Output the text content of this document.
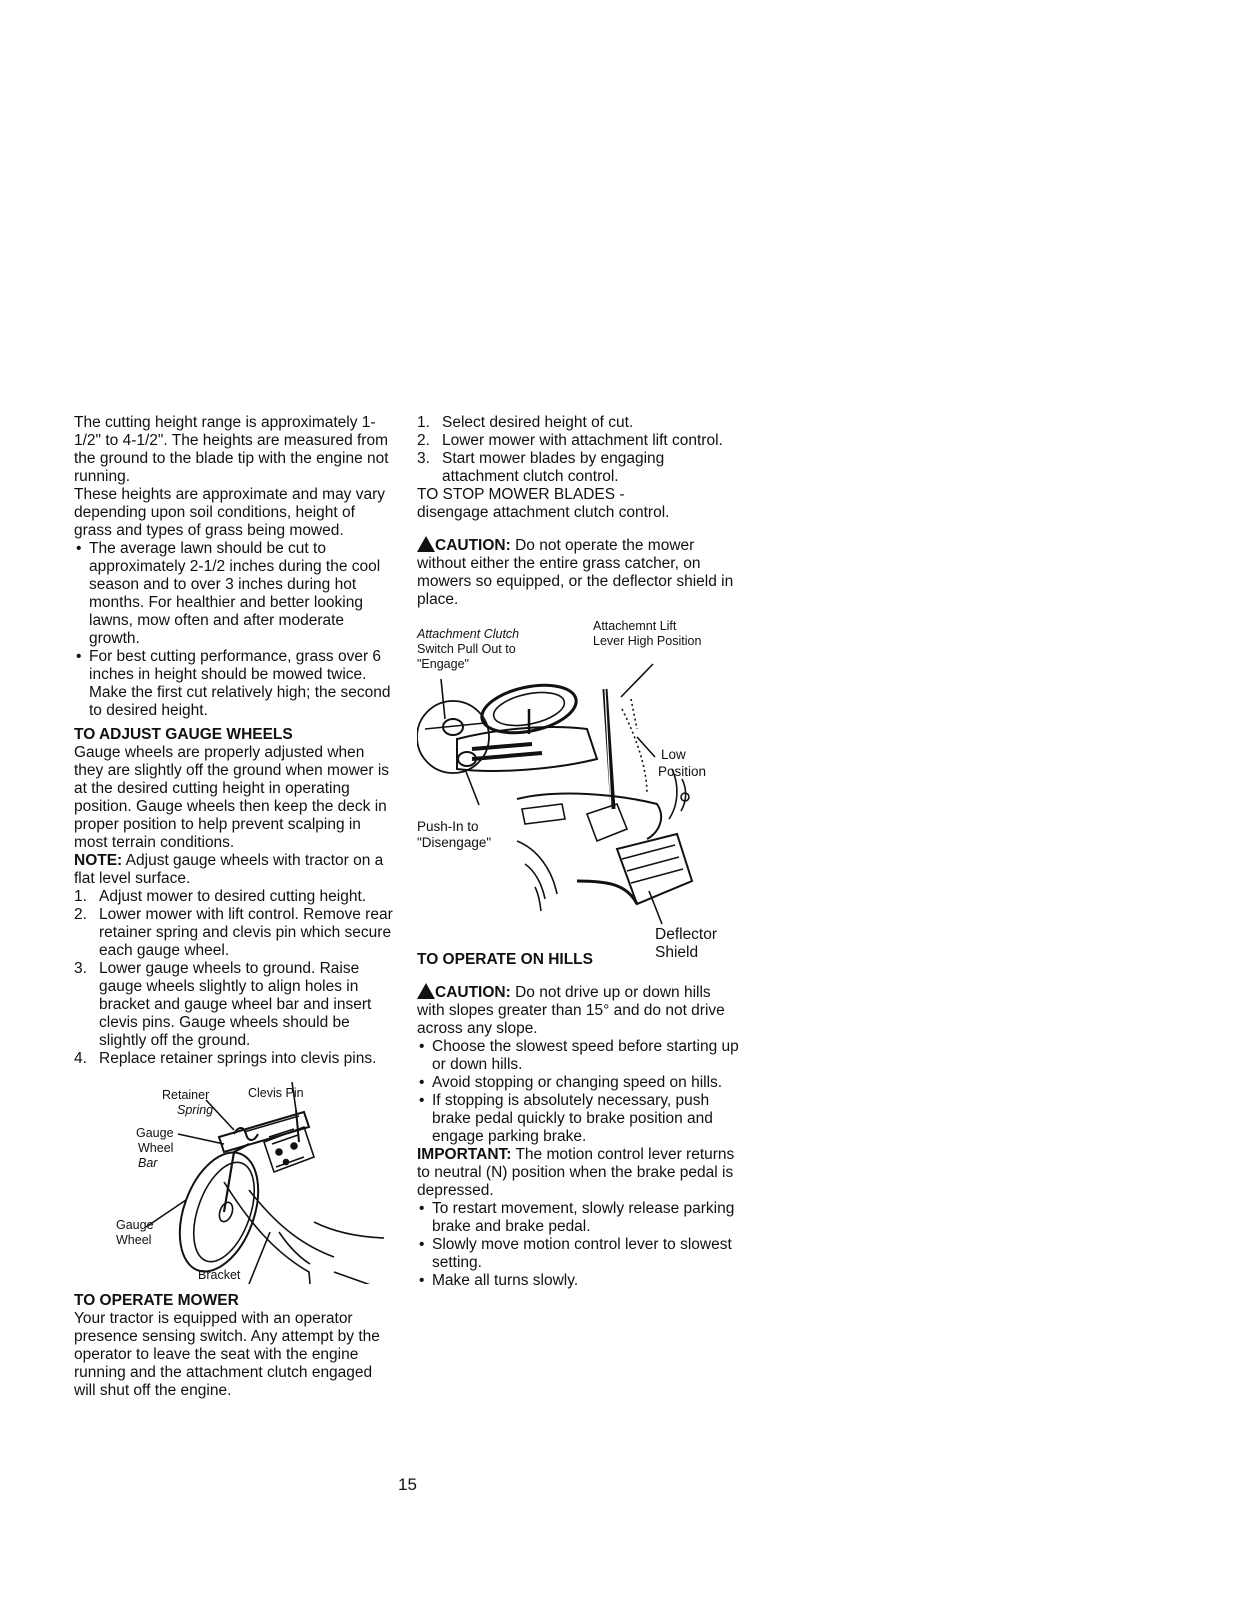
The cutting height range is approximately 1-1/2" to 4-1/2". The heights are measured from the ground to the blade tip with the engine not running.

These heights are approximate and may vary depending upon soil conditions, height of grass and types of grass being mowed.

• The average lawn should be cut to approximately 2-1/2 inches during the cool season and to over 3 inches during hot months. For healthier and better looking lawns, mow often and after moderate growth.
• For best cutting performance, grass over 6 inches in height should be mowed twice. Make the first cut relatively high; the second to desired height.

TO ADJUST GAUGE WHEELS

Gauge wheels are properly adjusted when they are slightly off the ground when mower is at the desired cutting height in operating position. Gauge wheels then keep the deck in proper position to help prevent scalping in most terrain conditions.

NOTE: Adjust gauge wheels with tractor on a flat level surface.

1. Adjust mower to desired cutting height.
2. Lower mower with lift control. Remove rear retainer spring and clevis pin which secure each gauge wheel.
3. Lower gauge wheels to ground. Raise gauge wheels slightly to align holes in bracket and gauge wheel bar and insert clevis pins. Gauge wheels should be slightly off the ground.
4. Replace retainer springs into clevis pins.
Retainer
Spring
Clevis Pin
Gauge
Wheel
Bar
Gauge
Wheel
Bracket

TO OPERATE MOWER

Your tractor is equipped with an operator presence sensing switch. Any attempt by the operator to leave the seat with the engine running and the attachment clutch engaged will shut off the engine.

1. Select desired height of cut.
2. Lower mower with attachment lift control.
3. Start mower blades by engaging attachment clutch control.

TO STOP MOWER BLADES -

disengage attachment clutch control.

CAUTION: Do not operate the mower without either the entire grass catcher, on mowers so equipped, or the deflector shield in place.

Attachment Clutch
Switch Pull Out to
"Engage"
Attachemnt Lift
Lever High Position
Low
Position
Push-In to
"Disengage"
Deflector
Shield

TO OPERATE ON HILLS

CAUTION: Do not drive up or down hills with slopes greater than 15° and do not drive across any slope.

• Choose the slowest speed before starting up or down hills.
• Avoid stopping or changing speed on hills.
• If stopping is absolutely necessary, push brake pedal quickly to brake position and engage parking brake.

IMPORTANT: The motion control lever returns to neutral (N) position when the brake pedal is depressed.

• To restart movement, slowly release parking brake and brake pedal.
• Slowly move motion control lever to slowest setting.
• Make all turns slowly.
15
